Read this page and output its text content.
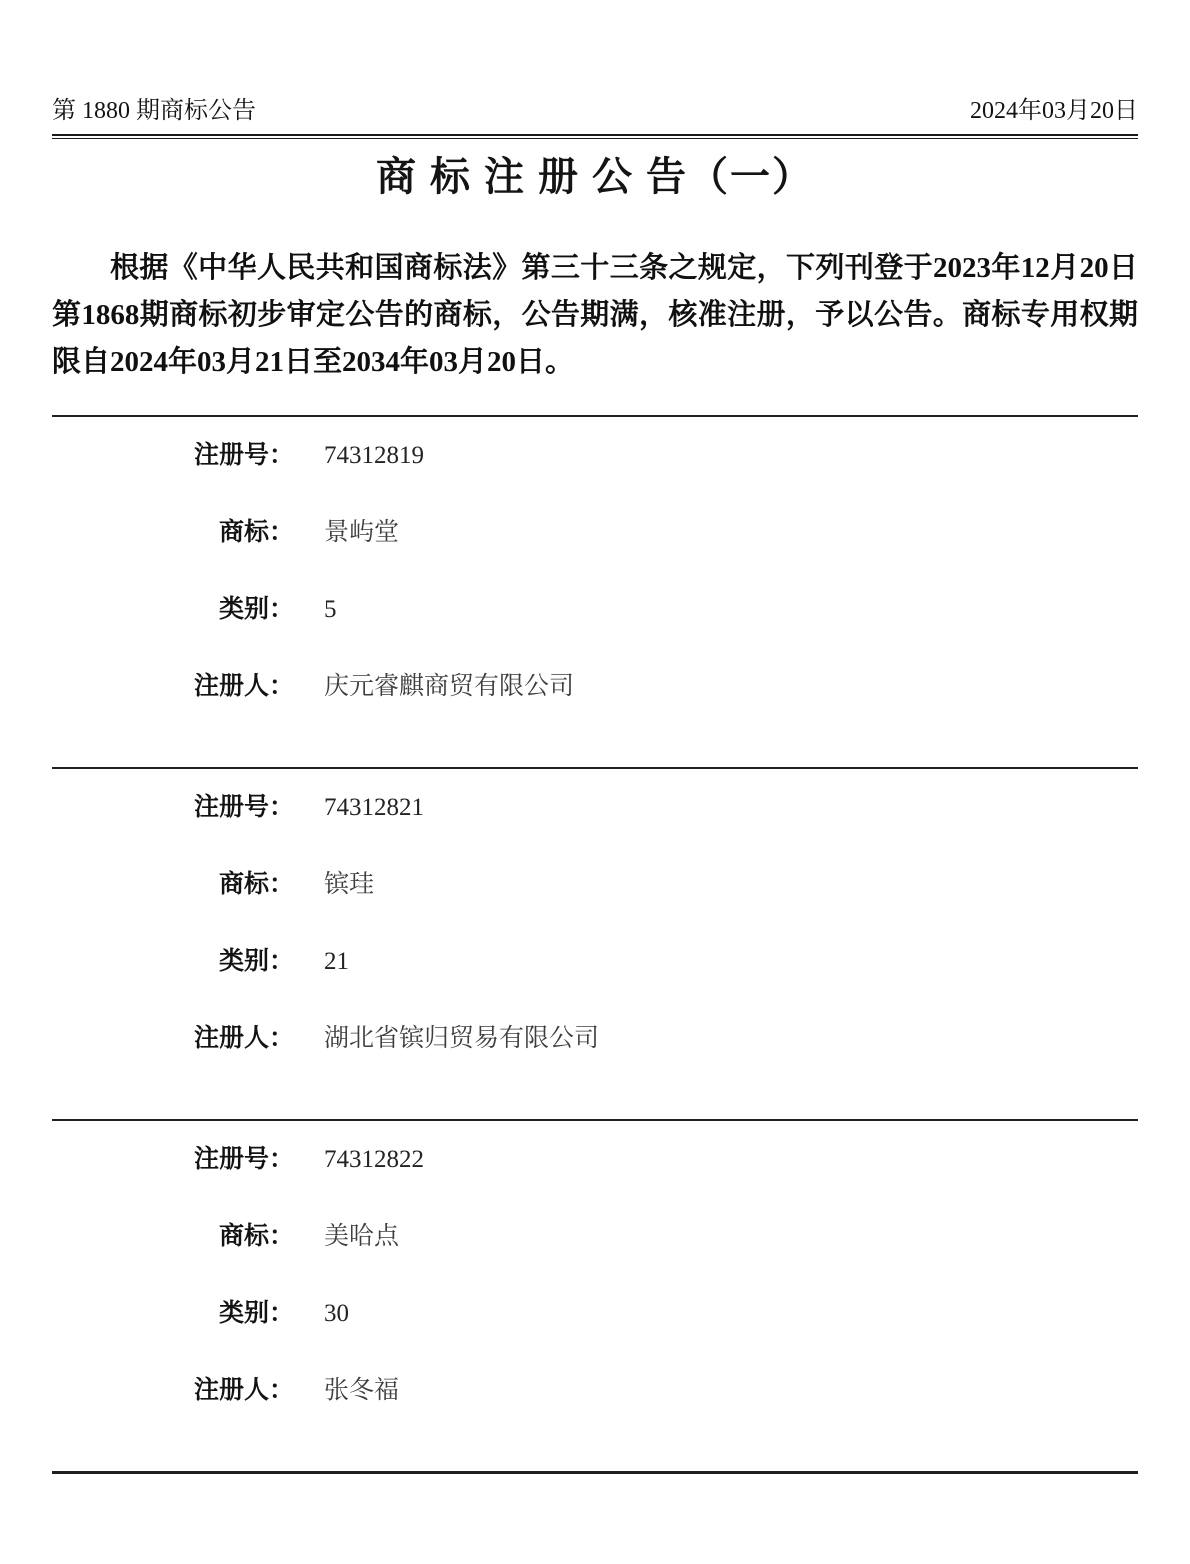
第 1880 期商标公告	2024年03月20日
商 标 注 册 公 告（一）

根据《中华人民共和国商标法》第三十三条之规定，下列刊登于2023年12月20日第1868期商标初步审定公告的商标，公告期满，核准注册，予以公告。商标专用权期限自2024年03月21日至2034年03月20日。

注册号： 74312819
商标： 景屿堂
类别： 5
注册人： 庆元睿麒商贸有限公司
注册号： 74312821
商标： 镔珪
类别： 21
注册人： 湖北省镔归贸易有限公司
注册号： 74312822
商标： 美哈点
类别： 30
注册人： 张冬福
